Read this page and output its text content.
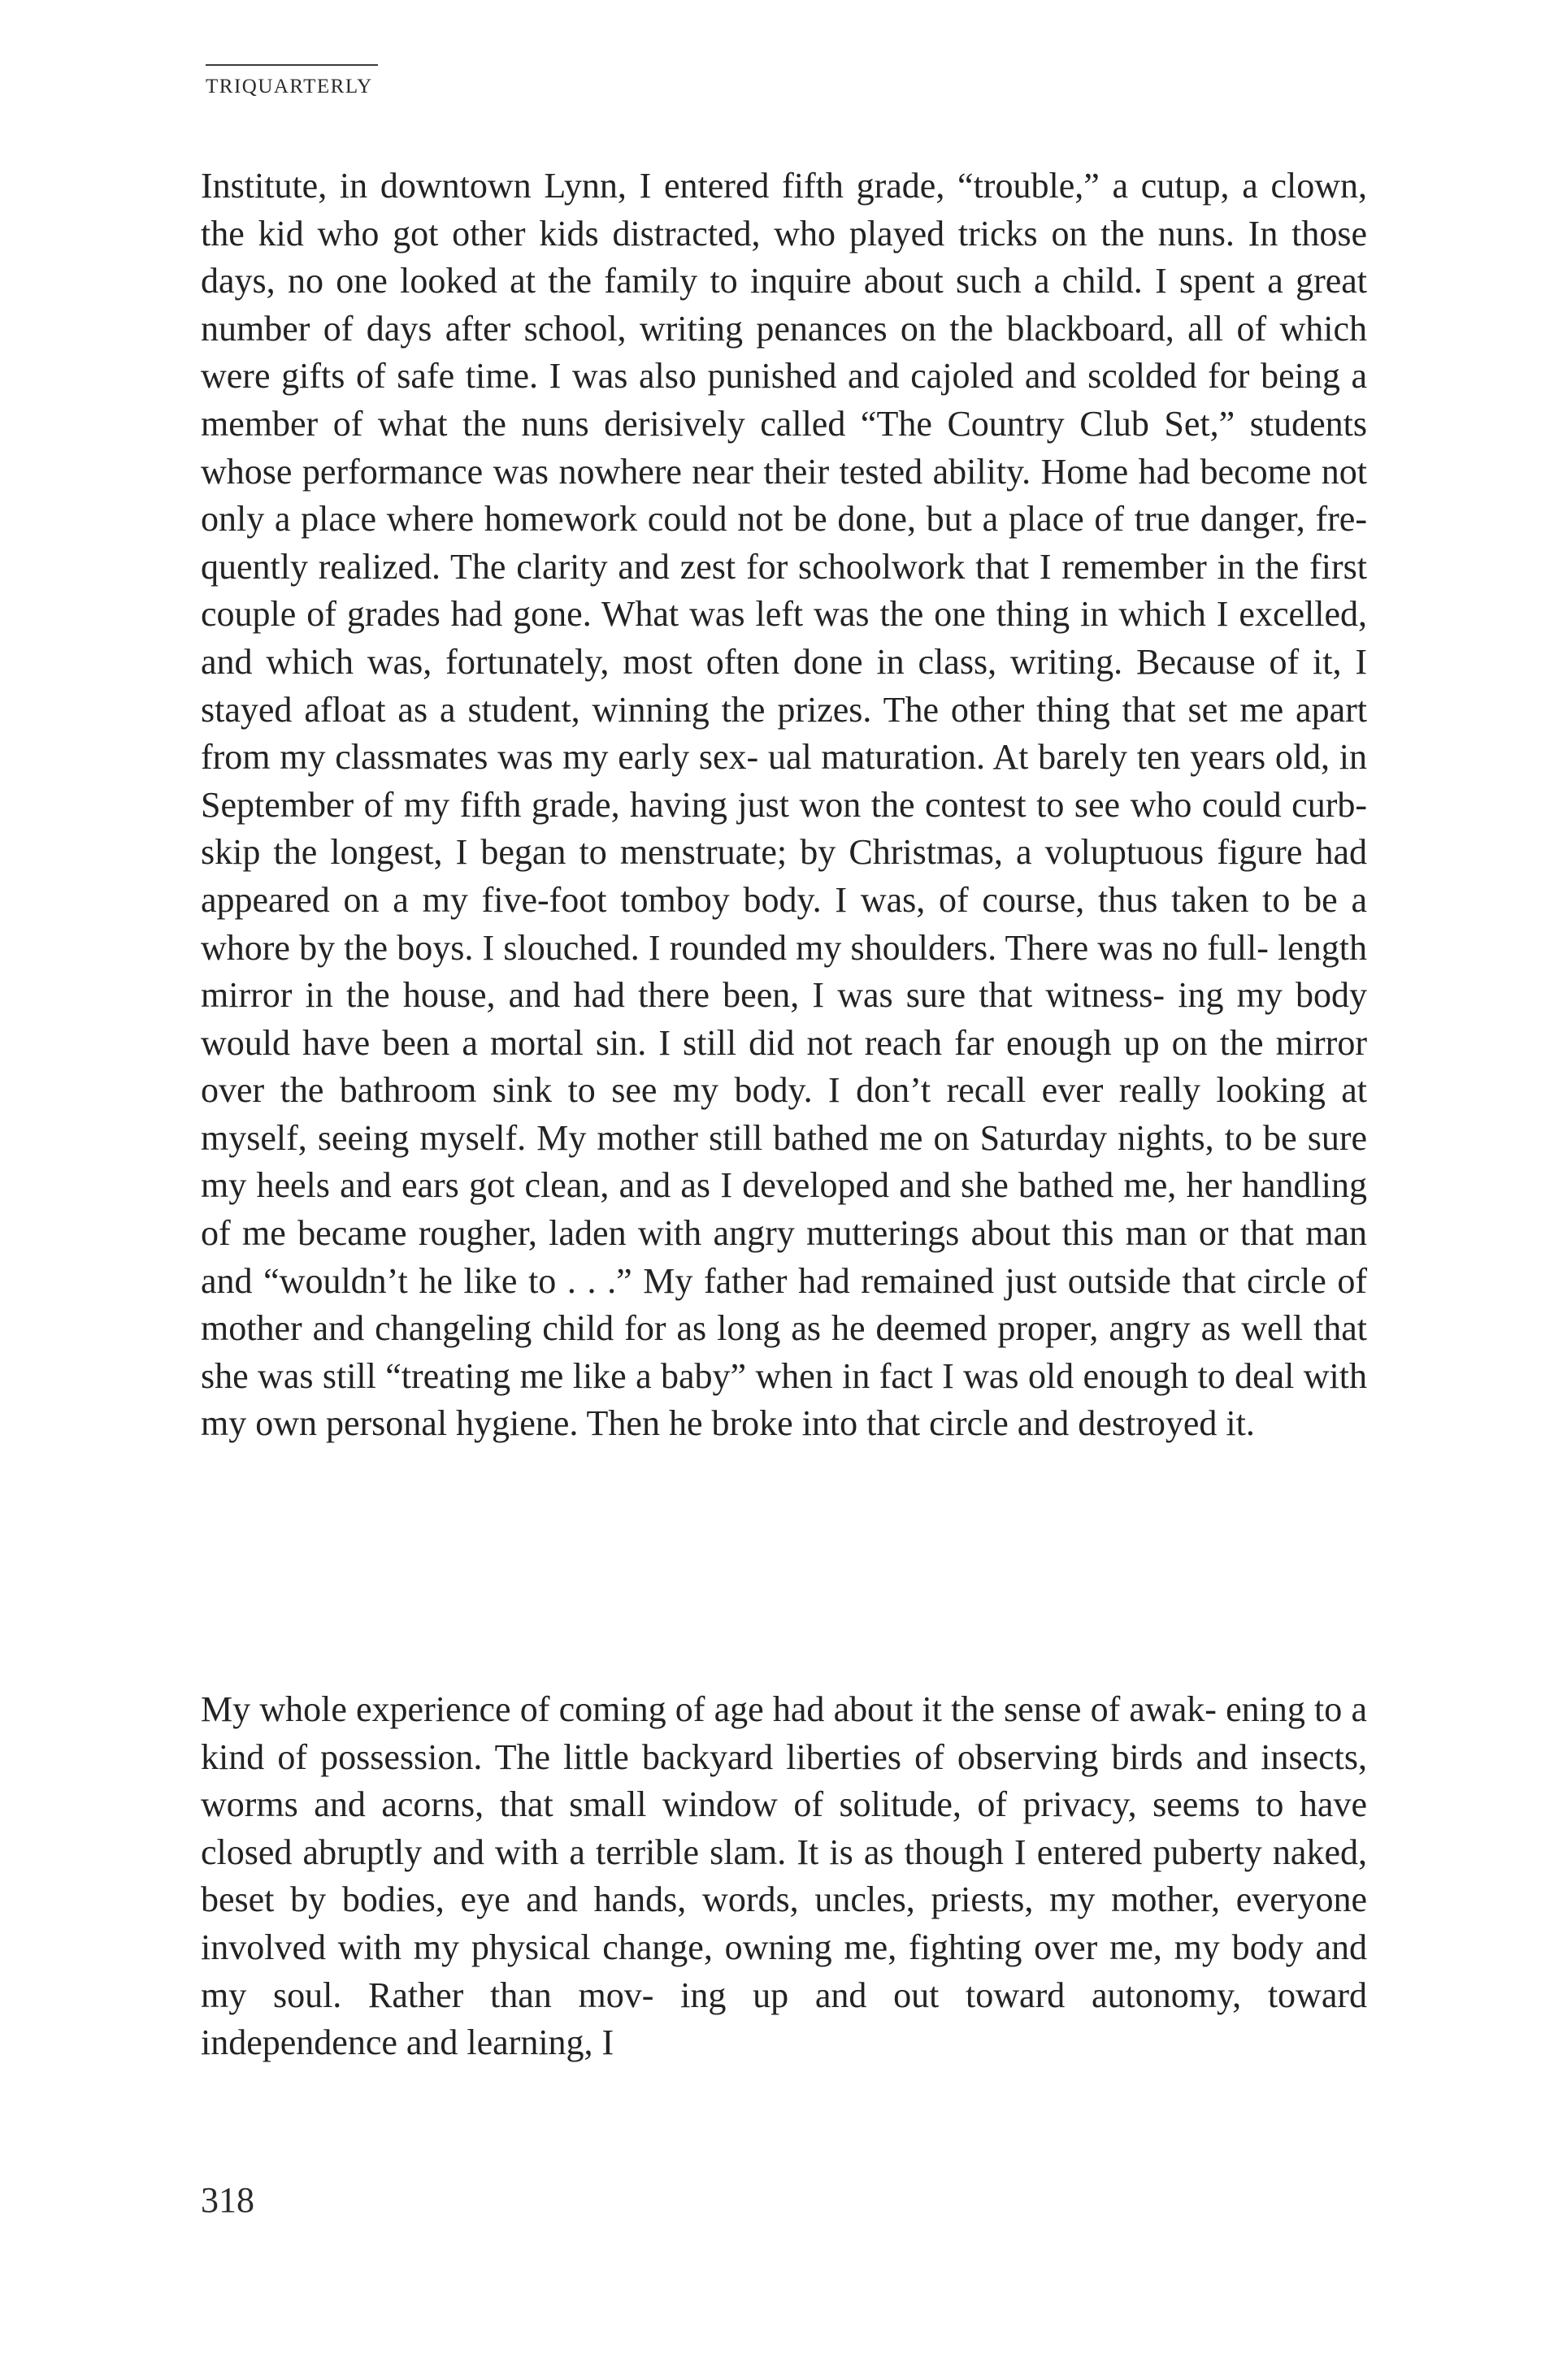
TRIQUARTERLY

Institute, in downtown Lynn, I entered fifth grade, “trouble,” a cutup, a clown, the kid who got other kids distracted, who played tricks on the nuns. In those days, no one looked at the family to inquire about such a child. I spent a great number of days after school, writing penances on the blackboard, all of which were gifts of safe time. I was also punished and cajoled and scolded for being a member of what the nuns derisively called “The Country Club Set,” students whose performance was nowhere near their tested ability. Home had become not only a place where homework could not be done, but a place of true danger, fre- quently realized. The clarity and zest for schoolwork that I remember in the first couple of grades had gone. What was left was the one thing in which I excelled, and which was, fortunately, most often done in class, writing. Because of it, I stayed afloat as a student, winning the prizes. The other thing that set me apart from my classmates was my early sex- ual maturation. At barely ten years old, in September of my fifth grade, having just won the contest to see who could curb-skip the longest, I began to menstruate; by Christmas, a voluptuous figure had appeared on a my five-foot tomboy body. I was, of course, thus taken to be a whore by the boys. I slouched. I rounded my shoulders. There was no full- length mirror in the house, and had there been, I was sure that witness- ing my body would have been a mortal sin. I still did not reach far enough up on the mirror over the bathroom sink to see my body. I don’t recall ever really looking at myself, seeing myself. My mother still bathed me on Saturday nights, to be sure my heels and ears got clean, and as I developed and she bathed me, her handling of me became rougher, laden with angry mutterings about this man or that man and “wouldn’t he like to . . .” My father had remained just outside that circle of mother and changeling child for as long as he deemed proper, angry as well that she was still “treating me like a baby” when in fact I was old enough to deal with my own personal hygiene. Then he broke into that circle and destroyed it.

My whole experience of coming of age had about it the sense of awak- ening to a kind of possession. The little backyard liberties of observing birds and insects, worms and acorns, that small window of solitude, of privacy, seems to have closed abruptly and with a terrible slam. It is as though I entered puberty naked, beset by bodies, eye and hands, words, uncles, priests, my mother, everyone involved with my physical change, owning me, fighting over me, my body and my soul. Rather than mov- ing up and out toward autonomy, toward independence and learning, I

318
